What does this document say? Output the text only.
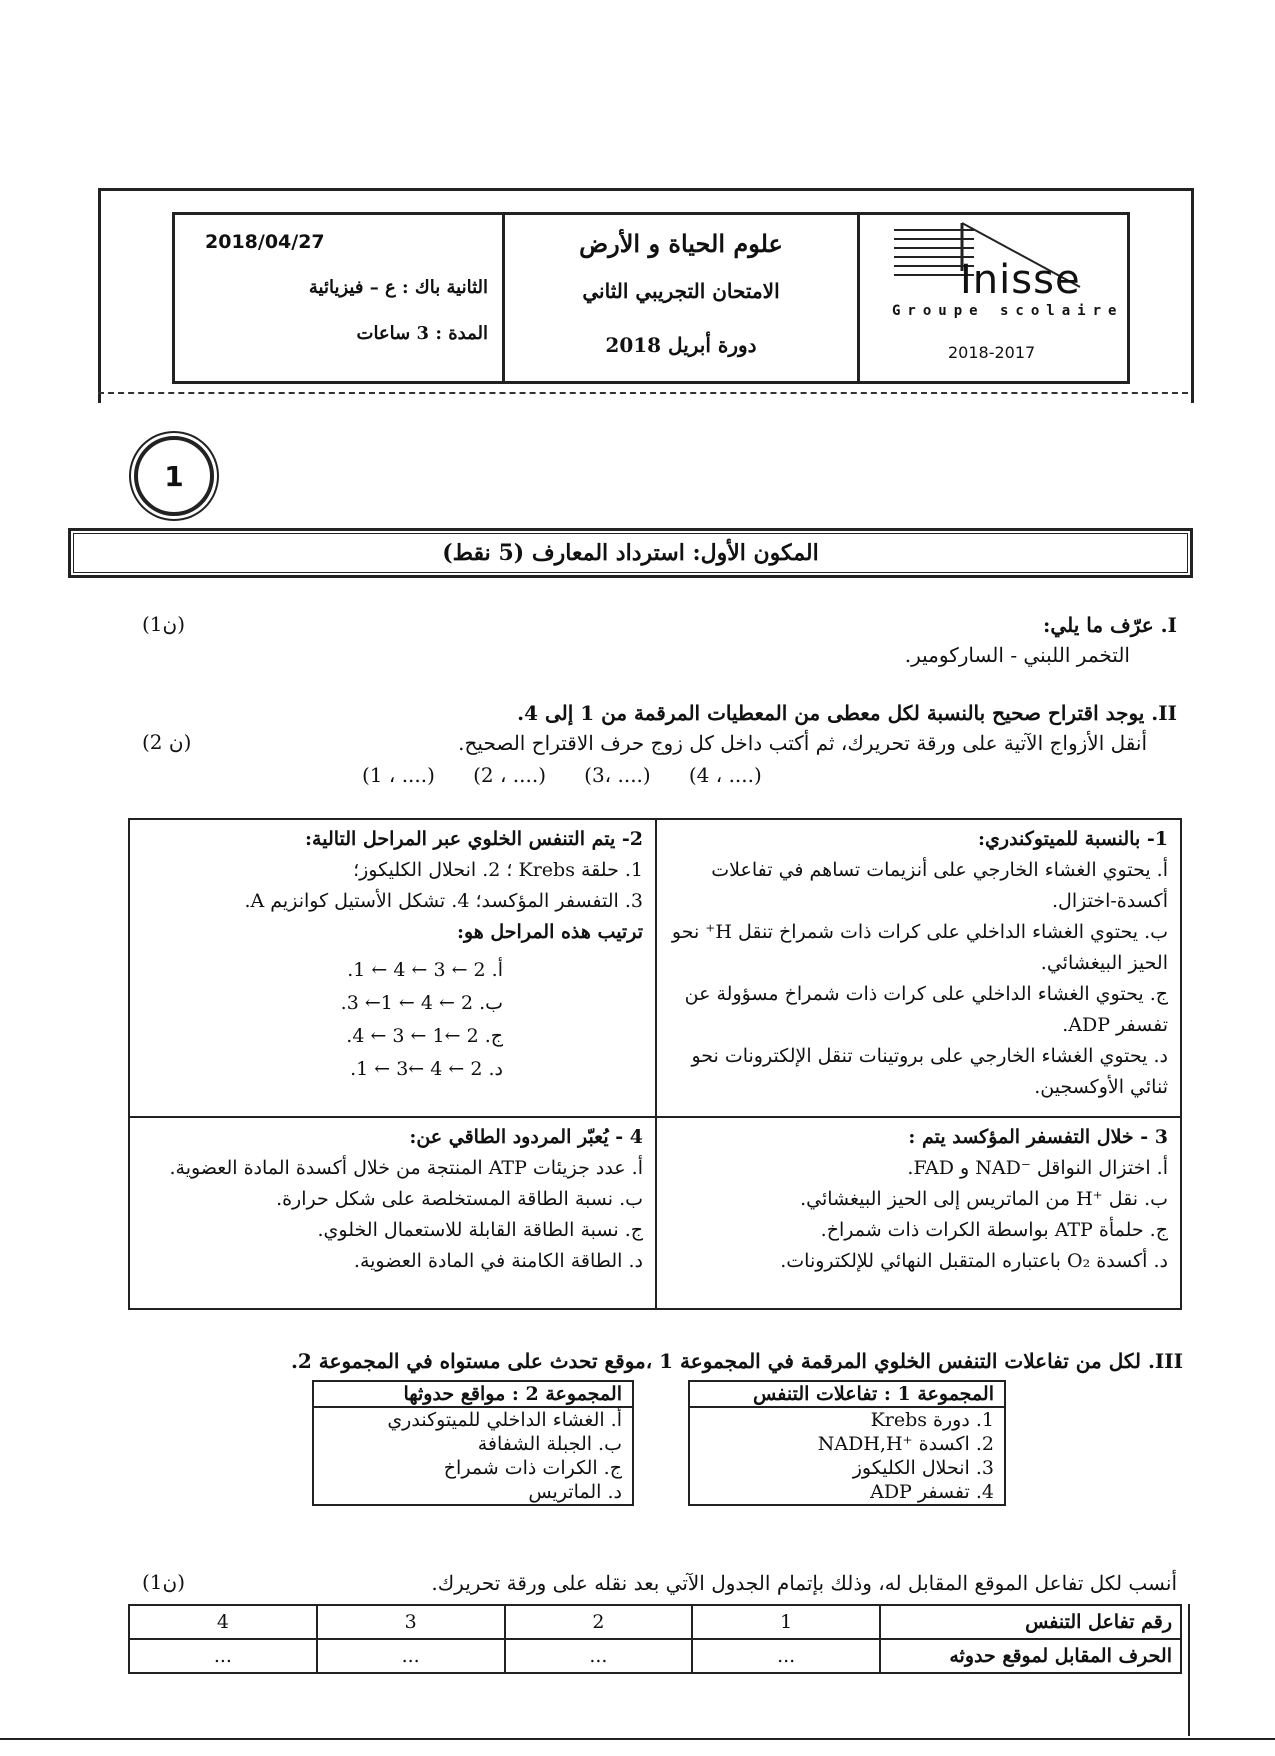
2018/04/27
الثانية باك : ع – فيزيائية
المدة : 3 ساعات
علوم الحياة و الأرض
الامتحان التجريبي الثاني
دورة أبريل 2018
Inisse
Groupe scolaire
2018-2017
1
المكون الأول: استرداد المعارف (5 نقط)
I. عرّف ما يلي:
(1ن)
التخمر اللبني - الساركومير.
II. يوجد اقتراح صحيح بالنسبة لكل معطى من المعطيات المرقمة من 1 إلى 4.
أنقل الأزواج الآتية على ورقة تحريرك، ثم أكتب داخل كل زوج حرف الاقتراح الصحيح.
(2 ن)
(1 ، ....)      (2 ، ....)      (3، ....)      (4 ، ....)
1- بالنسبة للميتوكندري:
أ. يحتوي الغشاء الخارجي على أنزيمات تساهم في تفاعلات أكسدة-اختزال.
ب. يحتوي الغشاء الداخلي على كرات ذات شمراخ تنقل H⁺ نحو الحيز البيغشائي.
ج. يحتوي الغشاء الداخلي على كرات ذات شمراخ مسؤولة عن تفسفر ADP.
د. يحتوي الغشاء الخارجي على بروتينات تنقل الإلكترونات نحو ثنائي الأوكسجين.
2- يتم التنفس الخلوي عبر المراحل التالية:
1. حلقة Krebs ؛ 2. انحلال الكليكوز؛
3. التفسفر المؤكسد؛ 4. تشكل الأستيل كوانزيم A.
ترتيب هذه المراحل هو:
أ. 2 ← 3 ← 4 ← 1.
ب. 2 ← 4 ← 1← 3.
ج. 2 ←1 ← 3 ← 4.
د. 2 ← 4 ←3 ← 1.
3 - خلال التفسفر المؤكسد يتم :
أ. اختزال النواقل ⁻NAD و FAD.
ب. نقل ⁺H من الماتريس إلى الحيز البيغشائي.
ج. حلمأة ATP بواسطة الكرات ذات شمراخ.
د. أكسدة O₂ باعتباره المتقبل النهائي للإلكترونات.
4 - يُعبّر المردود الطاقي عن:
أ. عدد جزيئات ATP المنتجة من خلال أكسدة المادة العضوية.
ب. نسبة الطاقة المستخلصة على شكل حرارة.
ج. نسبة الطاقة القابلة للاستعمال الخلوي.
د. الطاقة الكامنة في المادة العضوية.
III. لكل من تفاعلات التنفس الخلوي المرقمة في المجموعة 1 ،موقع تحدث على مستواه في المجموعة 2.
المجموعة 1 : تفاعلات التنفس
1. دورة Krebs
2. اكسدة ⁺NADH,H
3. انحلال الكليكوز
4. تفسفر ADP
المجموعة 2 : مواقع حدوثها
أ. الغشاء الداخلي للميتوكندري
ب. الجبلة الشفافة
ج. الكرات ذات شمراخ
د. الماتريس
أنسب لكل تفاعل الموقع المقابل له، وذلك بإتمام الجدول الآتي بعد نقله على ورقة تحريرك.
(1ن)
رقم تفاعل التنفس	1	2	3	4
الحرف المقابل لموقع حدوثه	...	...	...	...
